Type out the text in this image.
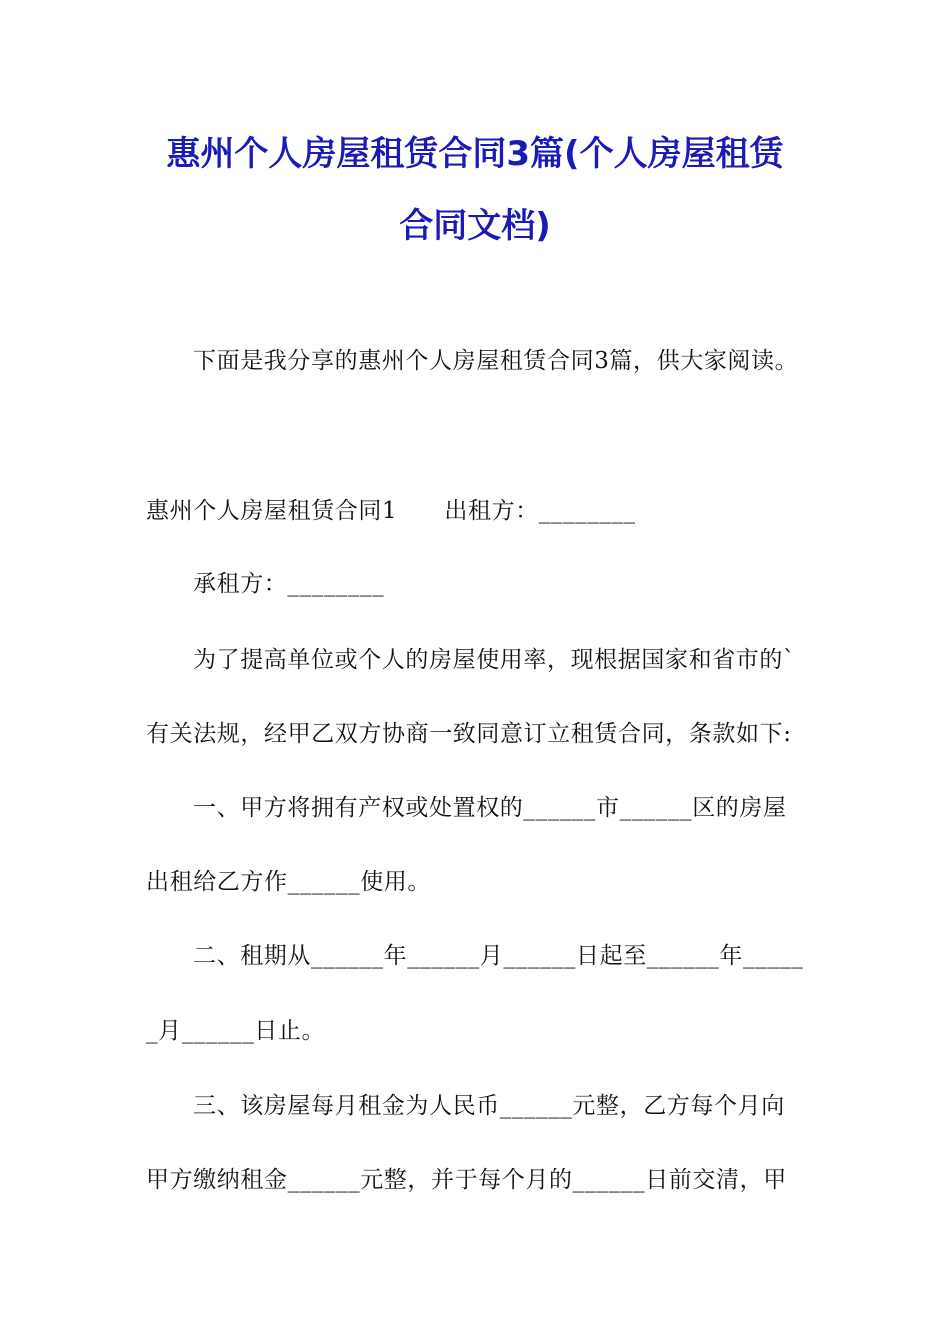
惠州个人房屋租赁合同3篇(个人房屋租赁
合同文档)
下面是我分享的惠州个人房屋租赁合同3篇，供大家阅读。
惠州个人房屋租赁合同1　　出租方：________
承租方：________
为了提高单位或个人的房屋使用率，现根据国家和省市的`
有关法规，经甲乙双方协商一致同意订立租赁合同，条款如下:
一、甲方将拥有产权或处置权的______市______区的房屋
出租给乙方作______使用。
二、租期从______年______月______日起至______年_____
_月______日止。
三、该房屋每月租金为人民币______元整，乙方每个月向
甲方缴纳租金______元整，并于每个月的______日前交清，甲
